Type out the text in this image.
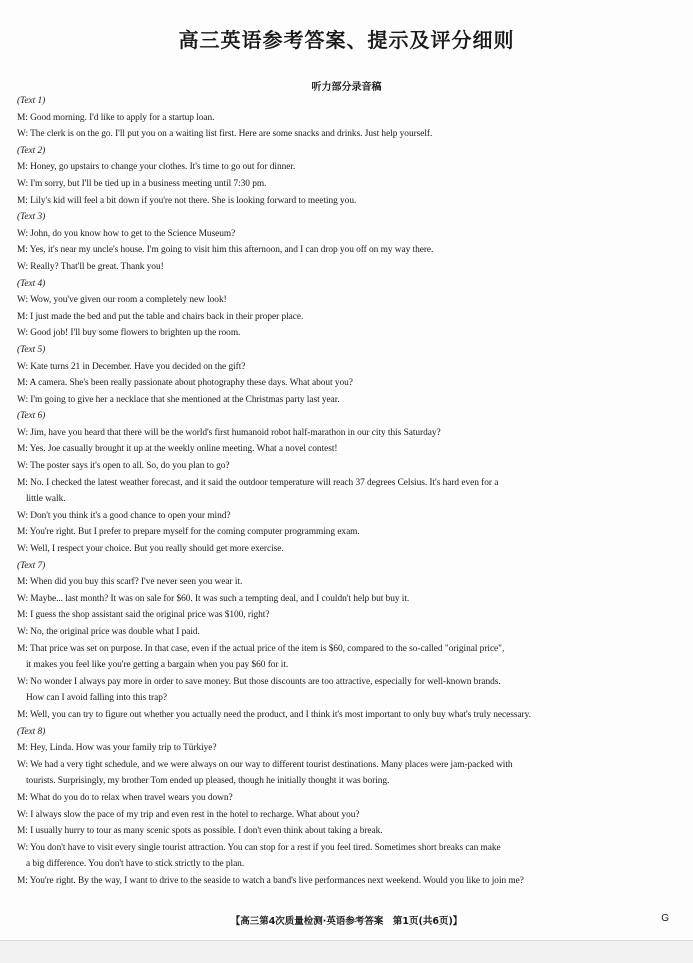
高三英语参考答案、提示及评分细则
听力部分录音稿
(Text 1)
M: Good morning. I'd like to apply for a startup loan.
W: The clerk is on the go. I'll put you on a waiting list first. Here are some snacks and drinks. Just help yourself.
(Text 2)
M: Honey, go upstairs to change your clothes. It's time to go out for dinner.
W: I'm sorry, but I'll be tied up in a business meeting until 7:30 pm.
M: Lily's kid will feel a bit down if you're not there. She is looking forward to meeting you.
(Text 3)
W: John, do you know how to get to the Science Museum?
M: Yes, it's near my uncle's house. I'm going to visit him this afternoon, and I can drop you off on my way there.
W: Really? That'll be great. Thank you!
(Text 4)
W: Wow, you've given our room a completely new look!
M: I just made the bed and put the table and chairs back in their proper place.
W: Good job! I'll buy some flowers to brighten up the room.
(Text 5)
W: Kate turns 21 in December. Have you decided on the gift?
M: A camera. She's been really passionate about photography these days. What about you?
W: I'm going to give her a necklace that she mentioned at the Christmas party last year.
(Text 6)
W: Jim, have you heard that there will be the world's first humanoid robot half-marathon in our city this Saturday?
M: Yes. Joe casually brought it up at the weekly online meeting. What a novel contest!
W: The poster says it's open to all. So, do you plan to go?
M: No. I checked the latest weather forecast, and it said the outdoor temperature will reach 37 degrees Celsius. It's hard even for a
little walk.
W: Don't you think it's a good chance to open your mind?
M: You're right. But I prefer to prepare myself for the coming computer programming exam.
W: Well, I respect your choice. But you really should get more exercise.
(Text 7)
M: When did you buy this scarf? I've never seen you wear it.
W: Maybe... last month? It was on sale for $60. It was such a tempting deal, and I couldn't help but buy it.
M: I guess the shop assistant said the original price was $100, right?
W: No, the original price was double what I paid.
M: That price was set on purpose. In that case, even if the actual price of the item is $60, compared to the so-called "original price",
it makes you feel like you're getting a bargain when you pay $60 for it.
W: No wonder I always pay more in order to save money. But those discounts are too attractive, especially for well-known brands.
How can I avoid falling into this trap?
M: Well, you can try to figure out whether you actually need the product, and I think it's most important to only buy what's truly necessary.
(Text 8)
M: Hey, Linda. How was your family trip to Türkiye?
W: We had a very tight schedule, and we were always on our way to different tourist destinations. Many places were jam-packed with
tourists. Surprisingly, my brother Tom ended up pleased, though he initially thought it was boring.
M: What do you do to relax when travel wears you down?
W: I always slow the pace of my trip and even rest in the hotel to recharge. What about you?
M: I usually hurry to tour as many scenic spots as possible. I don't even think about taking a break.
W: You don't have to visit every single tourist attraction. You can stop for a rest if you feel tired. Sometimes short breaks can make
a big difference. You don't have to stick strictly to the plan.
M: You're right. By the way, I want to drive to the seaside to watch a band's live performances next weekend. Would you like to join me?
【高三第4次质量检测·英语参考答案　第1页(共6页)】	G
